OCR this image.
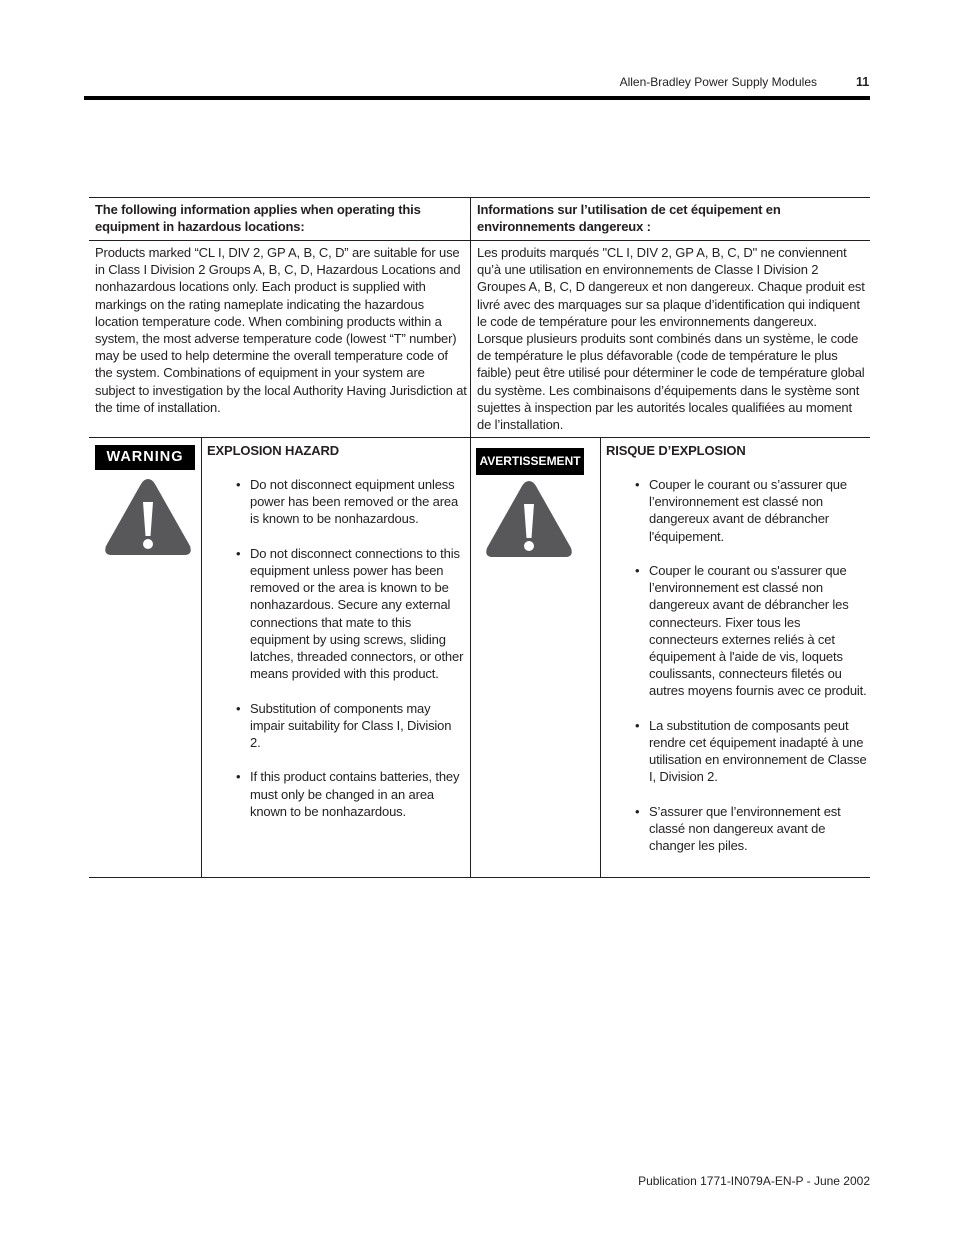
Allen-Bradley Power Supply Modules	11
The following information applies when operating this equipment in hazardous locations:
Informations sur l’utilisation de cet équipement en environnements dangereux :
Products marked “CL I, DIV 2, GP A, B, C, D” are suitable for use in Class I Division 2 Groups A, B, C, D, Hazardous Locations and nonhazardous locations only. Each product is supplied with markings on the rating nameplate indicating the hazardous location temperature code. When combining products within a system, the most adverse temperature code (lowest “T” number) may be used to help determine the overall temperature code of the system. Combinations of equipment in your system are subject to investigation by the local Authority Having Jurisdiction at the time of installation.
Les produits marqués "CL I, DIV 2, GP A, B, C, D" ne conviennent qu’à une utilisation en environnements de Classe I Division 2 Groupes A, B, C, D dangereux et non dangereux. Chaque produit est livré avec des marquages sur sa plaque d’identification qui indiquent le code de température pour les environnements dangereux. Lorsque plusieurs produits sont combinés dans un système, le code de température le plus défavorable (code de température le plus faible) peut être utilisé pour déterminer le code de température global du système. Les combinaisons d’équipements dans le système sont sujettes à inspection par les autorités locales qualifiées au moment de l’installation.
WARNING	EXPLOSION HAZARD
• Do not disconnect equipment unless power has been removed or the area is known to be nonhazardous.
• Do not disconnect connections to this equipment unless power has been removed or the area is known to be nonhazardous. Secure any external connections that mate to this equipment by using screws, sliding latches, threaded connectors, or other means provided with this product.
• Substitution of components may impair suitability for Class I, Division 2.
• If this product contains batteries, they must only be changed in an area known to be nonhazardous.
AVERTISSEMENT
RISQUE D’EXPLOSION
• Couper le courant ou s’assurer que l’environnement est classé non dangereux avant de débrancher l'équipement.
• Couper le courant ou s'assurer que l’environnement est classé non dangereux avant de débrancher les connecteurs. Fixer tous les connecteurs externes reliés à cet équipement à l'aide de vis, loquets coulissants, connecteurs filetés ou autres moyens fournis avec ce produit.
• La substitution de composants peut rendre cet équipement inadapté à une utilisation en environnement de Classe I, Division 2.
• S’assurer que l’environnement est classé non dangereux avant de changer les piles.
Publication 1771-IN079A-EN-P - June 2002
